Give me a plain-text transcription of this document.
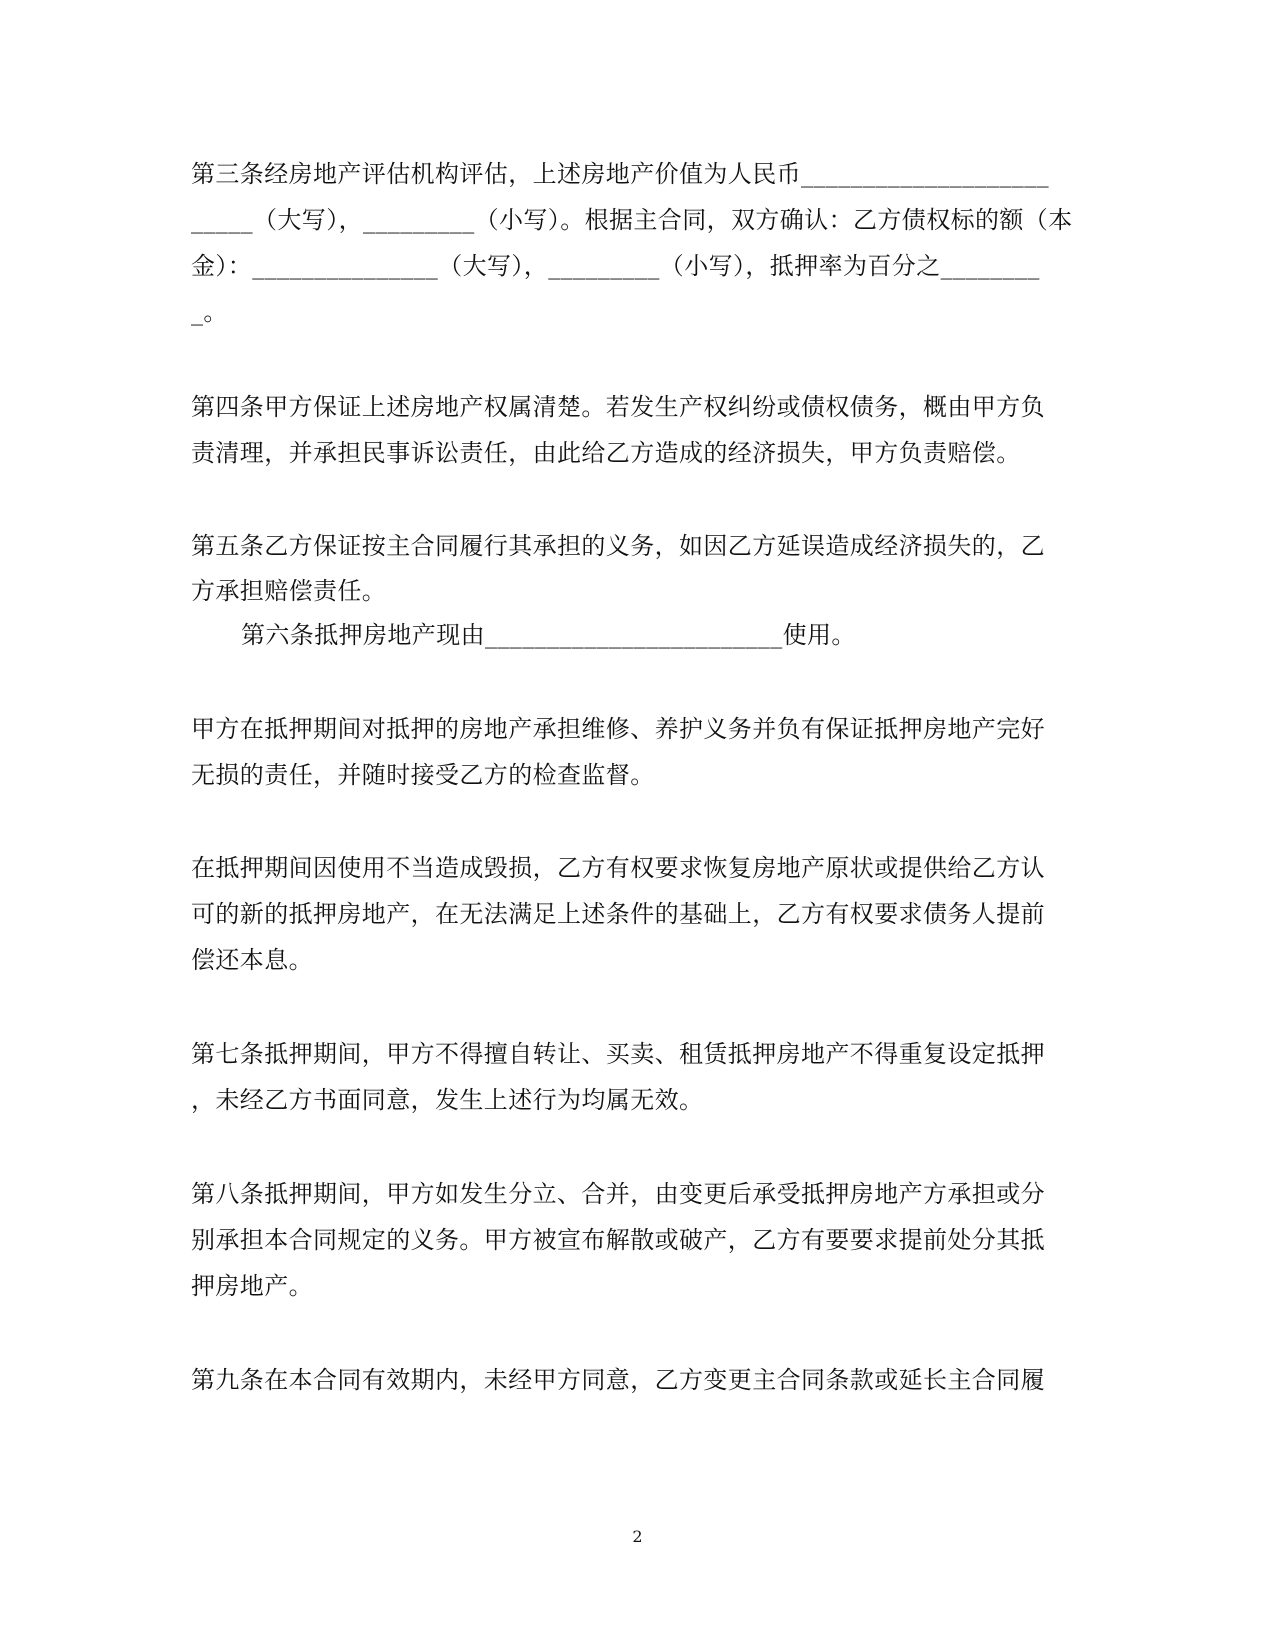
第三条经房地产评估机构评估，上述房地产价值为人民币____________________
_____（大写），_________（小写）。根据主合同，双方确认：乙方债权标的额（本
金）：_______________（大写），_________（小写），抵押率为百分之________
_。
第四条甲方保证上述房地产权属清楚。若发生产权纠纷或债权债务，概由甲方负
责清理，并承担民事诉讼责任，由此给乙方造成的经济损失，甲方负责赔偿。
第五条乙方保证按主合同履行其承担的义务，如因乙方延误造成经济损失的，乙
方承担赔偿责任。
第六条抵押房地产现由________________________使用。
甲方在抵押期间对抵押的房地产承担维修、养护义务并负有保证抵押房地产完好
无损的责任，并随时接受乙方的检查监督。
在抵押期间因使用不当造成毁损，乙方有权要求恢复房地产原状或提供给乙方认
可的新的抵押房地产，在无法满足上述条件的基础上，乙方有权要求债务人提前
偿还本息。
第七条抵押期间，甲方不得擅自转让、买卖、租赁抵押房地产不得重复设定抵押
，未经乙方书面同意，发生上述行为均属无效。
第八条抵押期间，甲方如发生分立、合并，由变更后承受抵押房地产方承担或分
别承担本合同规定的义务。甲方被宣布解散或破产，乙方有要要求提前处分其抵
押房地产。
第九条在本合同有效期内，未经甲方同意，乙方变更主合同条款或延长主合同履
2
